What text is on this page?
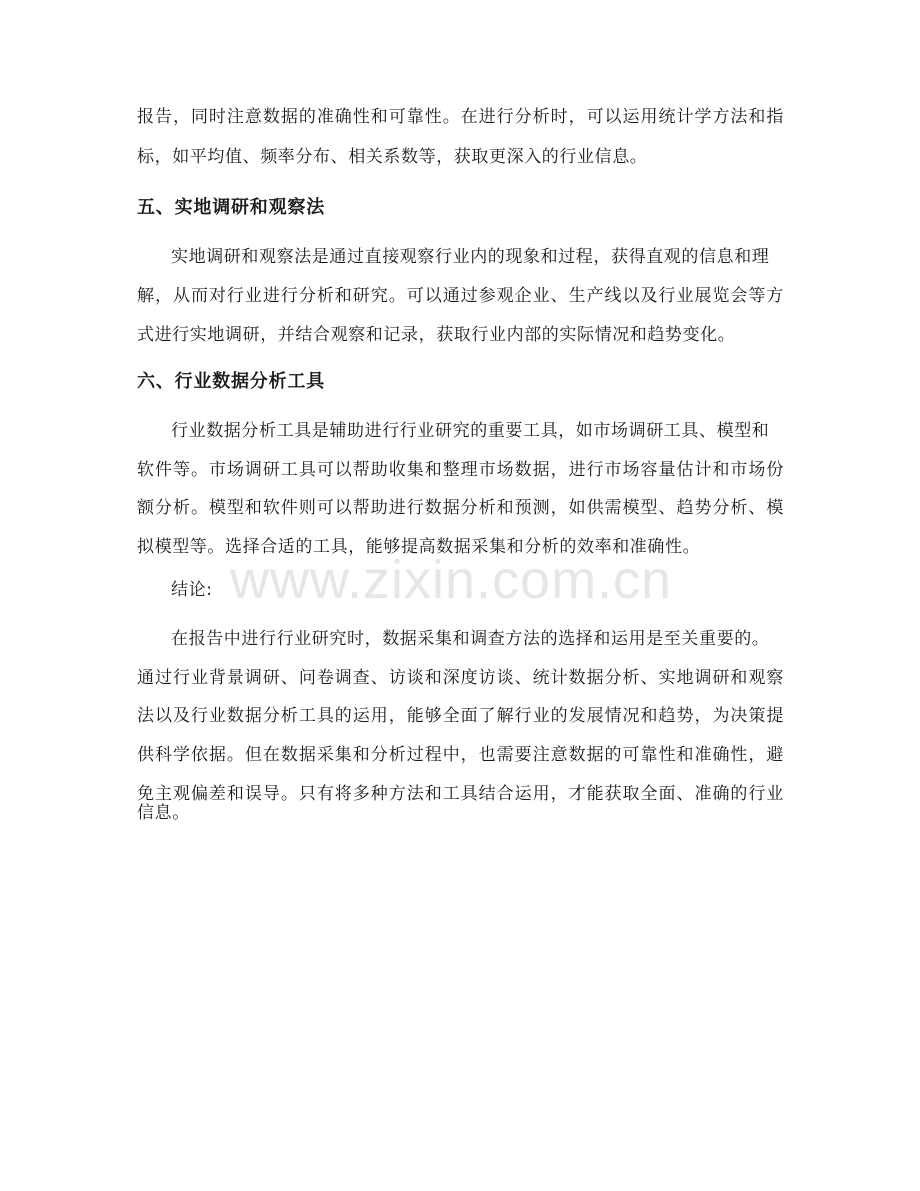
报告，同时注意数据的准确性和可靠性。在进行分析时，可以运用统计学方法和指

标，如平均值、频率分布、相关系数等，获取更深入的行业信息。

五、实地调研和观察法

实地调研和观察法是通过直接观察行业内的现象和过程，获得直观的信息和理

解，从而对行业进行分析和研究。可以通过参观企业、生产线以及行业展览会等方

式进行实地调研，并结合观察和记录，获取行业内部的实际情况和趋势变化。

六、行业数据分析工具

行业数据分析工具是辅助进行行业研究的重要工具，如市场调研工具、模型和

软件等。市场调研工具可以帮助收集和整理市场数据，进行市场容量估计和市场份

额分析。模型和软件则可以帮助进行数据分析和预测，如供需模型、趋势分析、模

拟模型等。选择合适的工具，能够提高数据采集和分析的效率和准确性。

结论:

在报告中进行行业研究时，数据采集和调查方法的选择和运用是至关重要的。

通过行业背景调研、问卷调查、访谈和深度访谈、统计数据分析、实地调研和观察

法以及行业数据分析工具的运用，能够全面了解行业的发展情况和趋势，为决策提

供科学依据。但在数据采集和分析过程中，也需要注意数据的可靠性和准确性，避

免主观偏差和误导。只有将多种方法和工具结合运用，才能获取全面、准确的行业

信息。

www.zixin.com.cn
